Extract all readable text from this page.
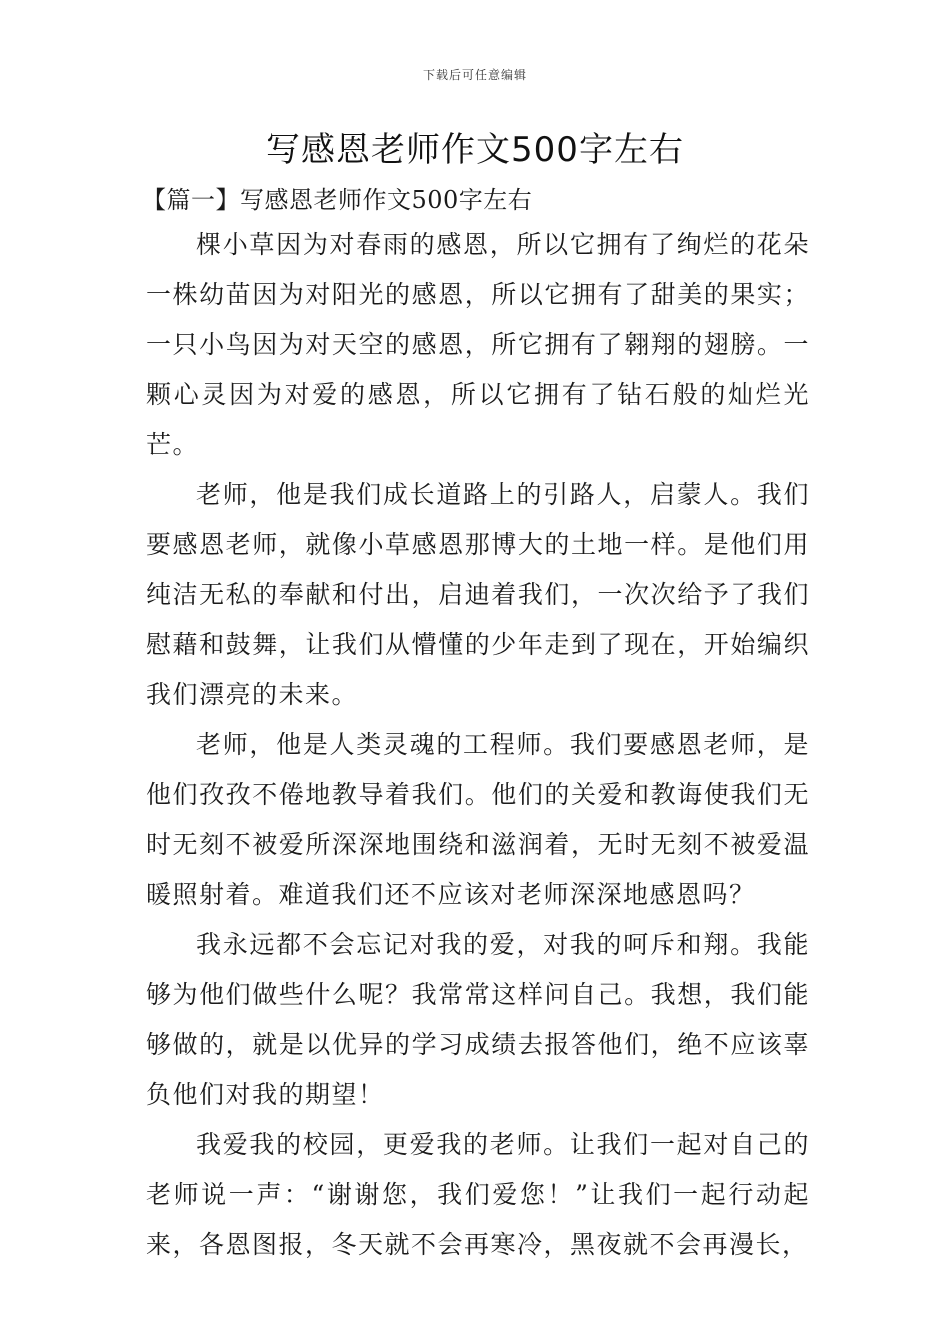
下载后可任意编辑
写感恩老师作文500字左右
【篇一】写感恩老师作文500字左右

棵小草因为对春雨的感恩，所以它拥有了绚烂的花朵一株幼苗因为对阳光的感恩，所以它拥有了甜美的果实；一只小鸟因为对天空的感恩，所它拥有了翱翔的翅膀。一颗心灵因为对爱的感恩，所以它拥有了钻石般的灿烂光芒。

老师，他是我们成长道路上的引路人，启蒙人。我们要感恩老师，就像小草感恩那博大的土地一样。是他们用纯洁无私的奉献和付出，启迪着我们，一次次给予了我们慰藉和鼓舞，让我们从懵懂的少年走到了现在，开始编织我们漂亮的未来。

老师，他是人类灵魂的工程师。我们要感恩老师，是他们孜孜不倦地教导着我们。他们的关爱和教诲使我们无时无刻不被爱所深深地围绕和滋润着，无时无刻不被爱温暖照射着。难道我们还不应该对老师深深地感恩吗？

我永远都不会忘记对我的爱，对我的呵斥和翔。我能够为他们做些什么呢？我常常这样问自己。我想，我们能够做的，就是以优异的学习成绩去报答他们，绝不应该辜负他们对我的期望！

我爱我的校园，更爱我的老师。让我们一起对自己的老师说一声：“谢谢您，我们爱您！”让我们一起行动起来，各恩图报，冬天就不会再寒冷，黑夜就不会再漫长，
